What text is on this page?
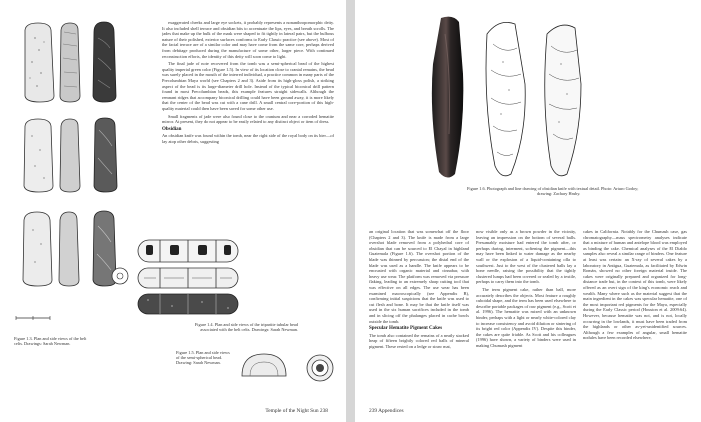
Figure 1.3. Plan and side views of the belt
celts. Drawings: Sarah Newman.
Figure 1.4. Plan and side views of the tripartite tubular bead
associated with the belt celts. Drawings: Sarah Newman.
Figure 1.5. Plan and side views
of the semi-spherical bead.
Drawing: Sarah Newman.

exaggerated cheeks and large eye sockets, it probably represents a nonanthropomorphic deity. It also included shell terrace and obsidian bits to accentuate the lips, eyes, and breath scrolls. The jades that make up the bulk of the mask were shaped to fit tightly in lateral pairs, but the bulbous nature of their polished, exterior surfaces conforms to Early Classic practice (see above). Most of the facial terrace are of a similar color and may have come from the same core, perhaps derived from debitage produced during the manufacture of some other, larger piece. With continued reconstruction efforts, the identity of this deity will soon come to light.

The final jade of note recovered from the tomb was a semi-spherical bead of the highest quality imperial green color (Figure 1.5). In view of its location close to cranial remains, the bead was surely placed in the mouth of the interred individual, a practice common in many parts of the Precolumbian Maya world (see Chapters 2 and 3). Aside from its high-gloss polish, a striking aspect of the bead is its large-diameter drill hole. Instead of the typical biconical drill pattern found in most Precolumbian beads, this example features straight sidewalls. Although the remnant ridges that accompany biconical drilling could have been ground away, it is more likely that the center of the bead was cut with a cane drill. A small central core-portion of this high-quality material could then have been saved for some other use.

Small fragments of jade were also found close to the cranium and near a corroded hematite mirror. At present, they do not appear to be easily related to any distinct object or item of dress.

Obsidian

An obsidian knife was found within the tomb, near the right side of the royal body on its bier—of lay atop other debris, suggesting

Temple of the Night Sun 238
Figure 1.6. Photograph and line drawing of obsidian knife with textual detail. Photo: Arturo Godoy;
drawing: Zachary Hruby.

an original location that was somewhat off the floor (Chapters 2 and 3). The knife is made from a large overshot blade removed from a polyhedral core of obsidian that can be sourced to El Chayal in highland Guatemala (Figure 1.6). The overshot portion of the blade was thinned by percussion; the distal end of the blade was used as a handle. The knife appears to be encrusted with organic material and cinnabar, with heavy use wear. The platform was removed via pressure flaking, leading to an extremely sharp cutting tool that was effective on all edges. The use wear has been examined macroscopically (see Appendix B), confirming initial suspicions that the knife was used to cut flesh and bone. It may be that the knife itself was used in the six human sacrifices included in the tomb and in slicing off the phalanges placed in cache bowls outside the tomb.

Specular Hematite Pigment Cakes

The tomb also contained the remains of a neatly stacked heap of fifteen brightly colored red balls of mineral pigment. These rested on a ledge or straw mat,

now visible only as a brown powder in the vicinity, leaving an impression on the bottom of several balls. Presumably moisture had entered the tomb after, or perhaps during, interment, softening the pigment—this may have been linked to water damage as the nearby wall or the explosion of a liquid-containing olla to southwest. Just to the west of the clustered balls lay a bone needle, raising the possibility that the tightly clustered lumps had been covered or sealed by a textile, perhaps to carry them into the tomb.

The term pigment cake, rather than ball, more accurately describes the objects. Most feature a roughly cuboidal shape, and the term has been used elsewhere to describe portable packages of raw pigment (e.g., Scott et al. 1996). The hematite was mixed with an unknown binder, perhaps with a light or nearly white-colored clay to increase consistency and avoid dilution or sintering of its bright red color (Appendix IV). Despite this binder, the cakes are quite friable. As Scott and his colleagues (1996) have shown, a variety of binders were used in making Chumash pigment

cakes in California. Notably for the Chumash case, gas chromatography—mass spectrometry analyses indicate that a mixture of human and antelope blood was employed as binding the cake. Chemical analyses of the El Diablo samples also reveal a similar range of binders. One feature at least was certain: an X-ray of several cakes by a laboratory in Antigua, Guatemala, as facilitated by Edwin Román, showed no other foreign material inside. The cakes were originally prepared and organized for long-distance trade but, in the context of this tomb, were likely offered as an overt sign of the king's economic reach and wealth. Many where such as the material suggest that the main ingredient in the cakes was specular hematite, one of the most important red pigments for the Maya, especially during the Early Classic period (Houston et al. 2009:64). However, because hematite was not, and is not, locally occurring in the lowlands, it must have been traded from the highlands or other as-yet-unidentified sources. Although a few examples of angular, small hematite nodules have been recorded elsewhere,

239 Appendices
